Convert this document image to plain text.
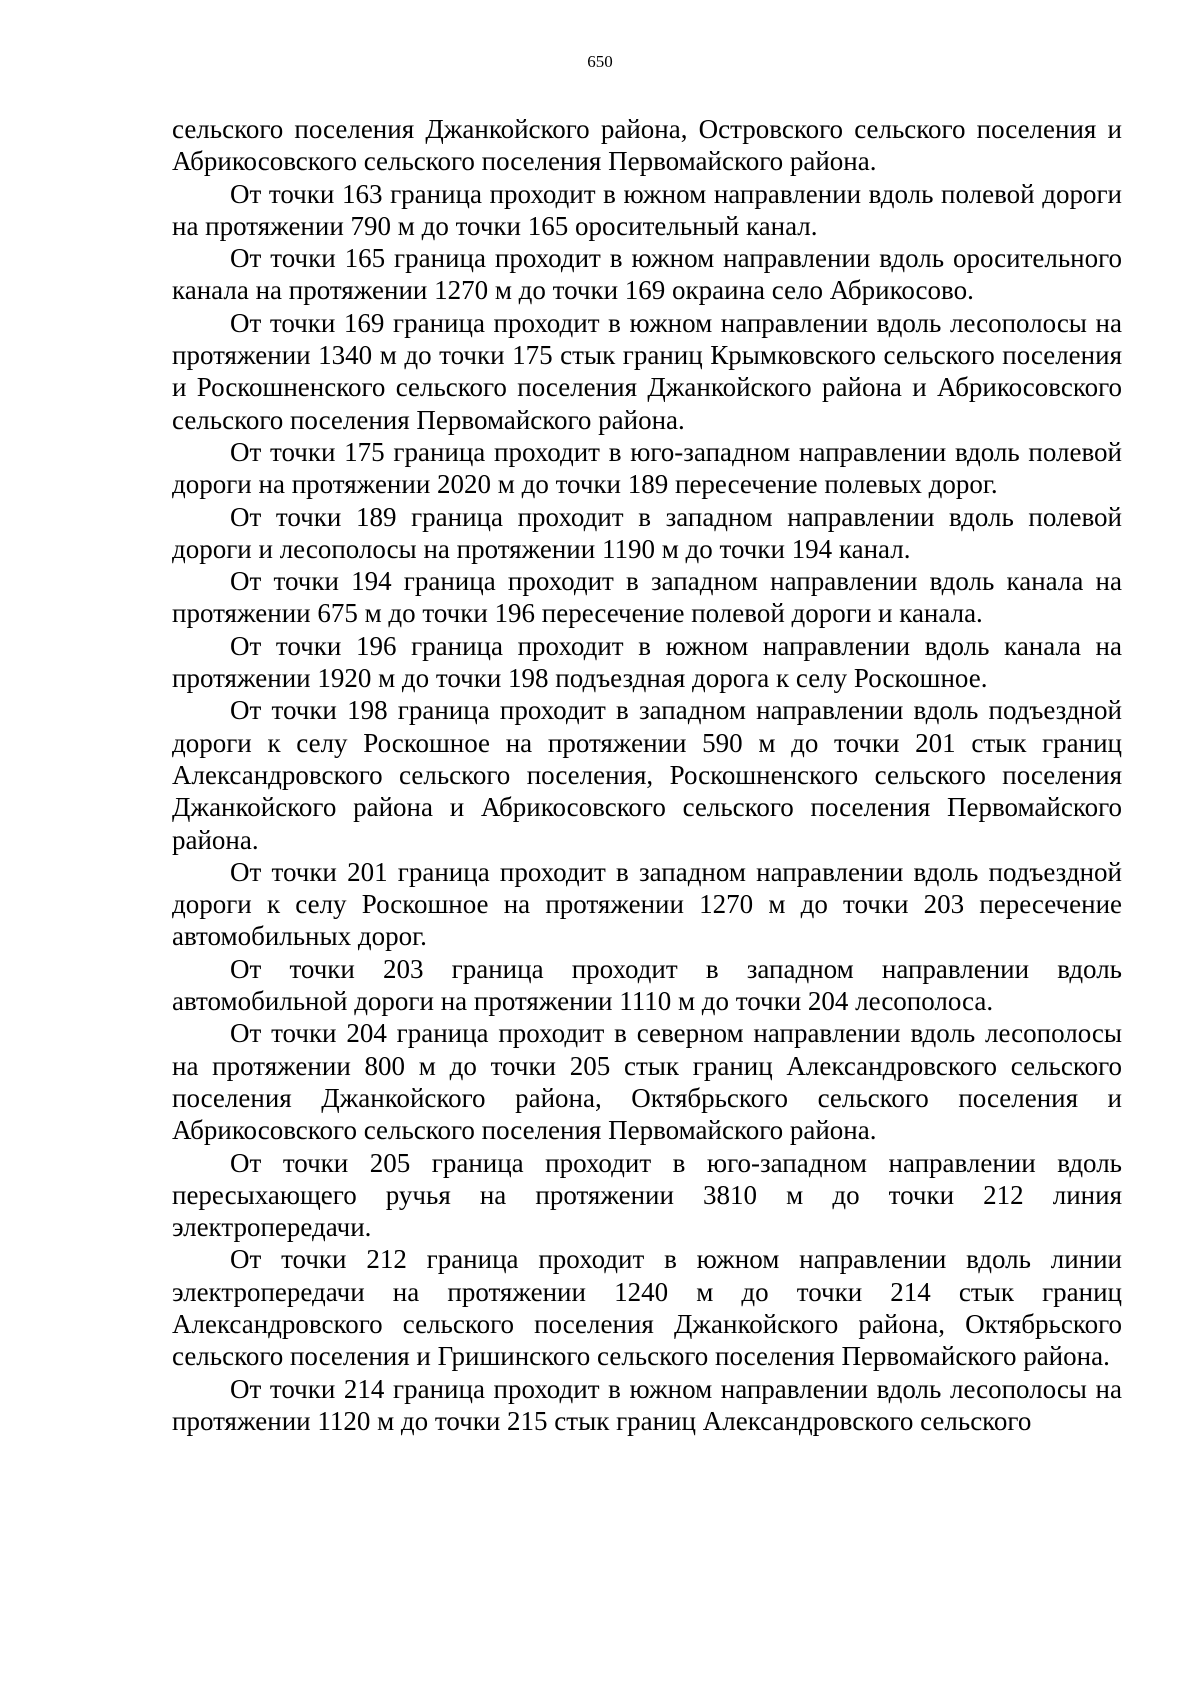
650

сельского поселения Джанкойского района, Островского сельского поселения и Абрикосовского сельского поселения Первомайского района.

От точки 163 граница проходит в южном направлении вдоль полевой дороги на протяжении 790 м до точки 165 оросительный канал.

От точки 165 граница проходит в южном направлении вдоль оросительного канала на протяжении 1270 м до точки 169 окраина село Абрикосово.

От точки 169 граница проходит в южном направлении вдоль лесополосы на протяжении 1340 м до точки 175 стык границ Крымковского сельского поселения и Роскошненского сельского поселения Джанкойского района и Абрикосовского сельского поселения Первомайского района.

От точки 175 граница проходит в юго-западном направлении вдоль полевой дороги на протяжении 2020 м до точки 189 пересечение полевых дорог.

От точки 189 граница проходит в западном направлении вдоль полевой дороги и лесополосы на протяжении 1190 м до точки 194 канал.

От точки 194 граница проходит в западном направлении вдоль канала на протяжении 675 м до точки 196 пересечение полевой дороги и канала.

От точки 196 граница проходит в южном направлении вдоль канала на протяжении 1920 м до точки 198 подъездная дорога к селу Роскошное.

От точки 198 граница проходит в западном направлении вдоль подъездной дороги к селу Роскошное на протяжении 590 м до точки 201 стык границ Александровского сельского поселения, Роскошненского сельского поселения Джанкойского района и Абрикосовского сельского поселения Первомайского района.

От точки 201 граница проходит в западном направлении вдоль подъездной дороги к селу Роскошное на протяжении 1270 м до точки 203 пересечение автомобильных дорог.

От точки 203 граница проходит в западном направлении вдоль автомобильной дороги на протяжении 1110 м до точки 204 лесополоса.

От точки 204 граница проходит в северном направлении вдоль лесополосы на протяжении 800 м до точки 205 стык границ Александровского сельского поселения Джанкойского района, Октябрьского сельского поселения и Абрикосовского сельского поселения Первомайского района.

От точки 205 граница проходит в юго-западном направлении вдоль пересыхающего ручья на протяжении 3810 м до точки 212 линия электропередачи.

От точки 212 граница проходит в южном направлении вдоль линии электропередачи на протяжении 1240 м до точки 214 стык границ Александровского сельского поселения Джанкойского района, Октябрьского сельского поселения и Гришинского сельского поселения Первомайского района.

От точки 214 граница проходит в южном направлении вдоль лесополосы на протяжении 1120 м до точки 215 стык границ Александровского сельского
